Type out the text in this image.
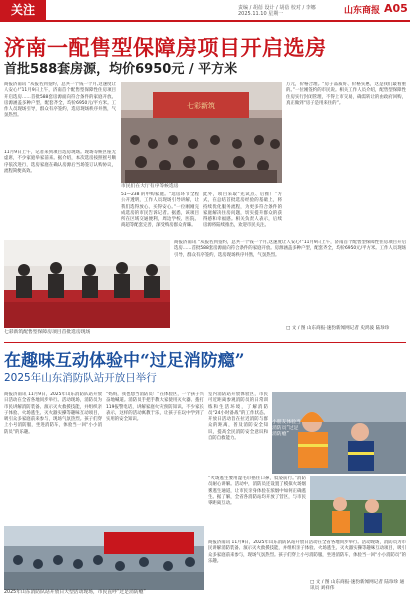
关注	责编 / 胡蓓 设计 / 胡蓓 校对 / 李娜
2025.11.10 星期一	山东商报 A05
济南一配售型保障房项目开启选房
首批588套房源，均价6950元 / 平方米
商报济南讯 “从报名到签约，总共一个钱一个月,这速度让人安心!”11月9日上午，济南首个配售型保障性住房项目开启选房……首批588套房源面向符合条件的家庭开放。房源涵盖多种户型，配套齐全，均价6950元/平方米。工作人员现场引导，群众有序签约，选房现场秩序井然，气氛热烈。
11月9日上午，记者来到项目选房现场。现场等候区座无虚席，不少家庭举家前来。据介绍，本次选房按照摇号顺序依次进行，选房家庭在确认房源后当场签订认购协议，流程简便高效。
七彩新筑
市民们在大厅有序等候选房
51—238 的申购家庭。“选房环节全程公开透明，工作人员现场引导讲解，让我们选得放心、买得安心。”一位刚刚完成选房的市民告诉记者。据悉，该项目所在区域交通便利，周边学校、医院、商超等配套完善，深受购房群众青睐。
此外，项目采取“先试点、后推广”方式，在总结首批选房经验的基础上，将持续优化服务流程，为更多符合条件的家庭解决住房问题，切实提升群众的获得感和幸福感。相关负责人表示，后续房源将陆续推出，欢迎市民关注。
七彩新筑配售型保障房项目首批选房现场
万元，价格合理。“房子品质好、价格实惠，这是我们最看重的。”一位刚签约的市民说。相关工作人员介绍，配售型保障性住房实行封闭管理，不得上市交易，确需转让的由政府回购，真正做到“房子是用来住的”。
商报济南讯 “从报名到签约，总共一个钱一个月,这速度让人安心!”11月9日上午，济南首个配售型保障性住房项目开启选房……首批588套房源面向符合条件的家庭开放。房源涵盖多种户型，配套齐全，均价6950元/平方米。工作人员现场引导，群众有序签约，选房现场秩序井然，气氛热烈。
□ 文 / 图 山东商报·速豹新闻网记者 史鸿波 陆珍珍
在趣味互动体验中“过足消防瘾”
2025年山东消防队站开放日举行
商报济南讯 11月9日，2025年山东消防队站开放日活动在全省各地同步举行。活动现场，消防员为市民讲解消防装备、演示灭火救援技能，并组织亲子体验、火场逃生、灭火器实操等趣味互动项目，吸引众多家庭前来参与，现场气氛热烈。孩子们穿上小号消防服，坐进消防车，体验当一回“小小消防员”的乐趣。
“妈妈，我也想当消防员！”在体验区，一个孩子兴奋地喊道。消防员手把手教大家使用灭火器、拨打119报警电话，讲解家庭火灾预防知识。不少家长表示，这样的活动寓教于乐，让孩子在玩中学到了实用的安全知识。
室内消防站开放体验区，市民可近距离参观消防员的日常训练和生活环境，了解消防员“24小时备战”的工作状态。开放日活动旨在拉近消防与群众的距离，普及消防安全知识，提高全民消防安全意识和自防自救能力。
小朋友体验当消防员“过足消防瘾”
“火场逃生要用湿毛巾捂住口鼻，低姿前行。”消防员耐心讲解。活动中，消防员还设置了模拟火场烟雾逃生通道，让市民亲身体验在浓烟中如何正确逃生。据了解，全省各消防站均开放了营区，与市民零距离互动。
2025年山东消防队站开放日大型活动现场，市民直呼“过足消防瘾”
商报济南讯 11月9日，2025年山东消防队站开放日活动在全省各地同步举行。活动现场，消防员为市民讲解消防装备、演示灭火救援技能，并组织亲子体验、火场逃生、灭火器实操等趣味互动项目，吸引众多家庭前来参与，现场气氛热烈。孩子们穿上小号消防服，坐进消防车，体验当一回“小小消防员”的乐趣。
□ 文 / 图 山东商报·速豹新闻网记者 陆珍珍 通讯员 刘祥伟
